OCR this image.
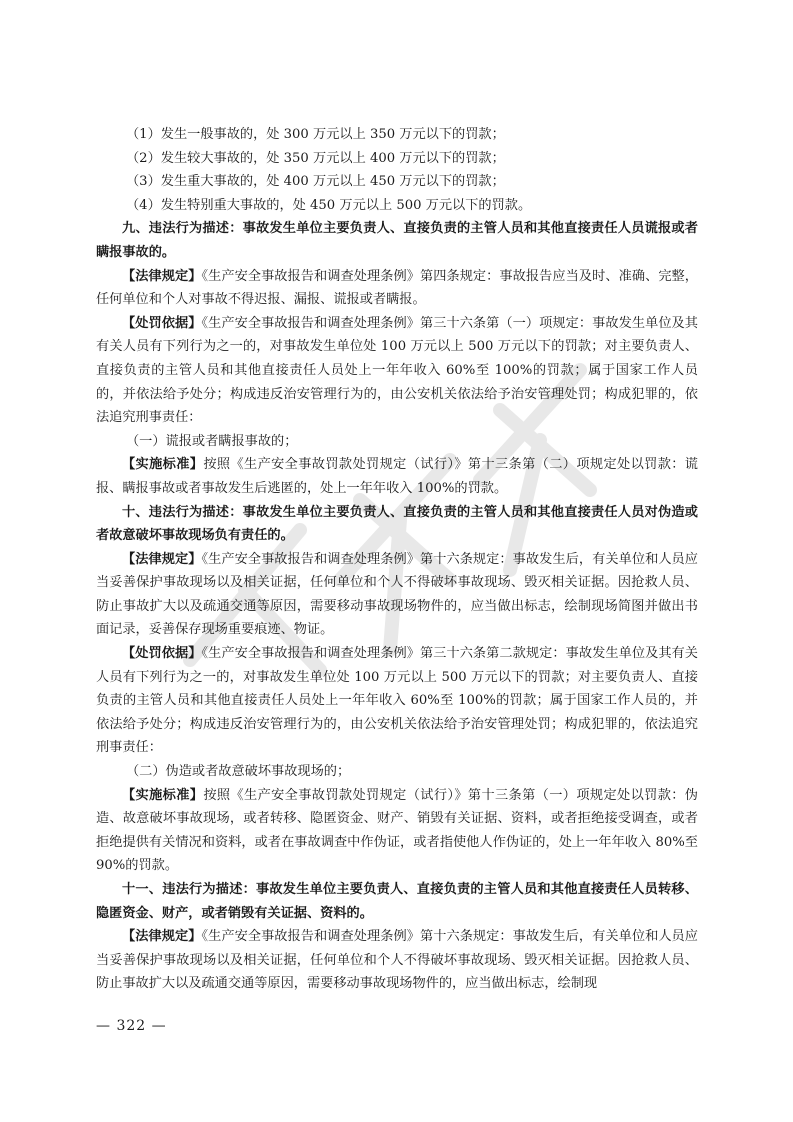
（1）发生一般事故的，处 300 万元以上 350 万元以下的罚款；

（2）发生较大事故的，处 350 万元以上 400 万元以下的罚款；

（3）发生重大事故的，处 400 万元以上 450 万元以下的罚款；

（4）发生特别重大事故的，处 450 万元以上 500 万元以下的罚款。

九、违法行为描述：事故发生单位主要负责人、直接负责的主管人员和其他直接责任人员谎报或者瞒报事故的。

【法律规定】《生产安全事故报告和调查处理条例》第四条规定：事故报告应当及时、准确、完整，任何单位和个人对事故不得迟报、漏报、谎报或者瞒报。

【处罚依据】《生产安全事故报告和调查处理条例》第三十六条第（一）项规定：事故发生单位及其有关人员有下列行为之一的，对事故发生单位处 100 万元以上 500 万元以下的罚款；对主要负责人、直接负责的主管人员和其他直接责任人员处上一年年收入 60%至 100%的罚款；属于国家工作人员的，并依法给予处分；构成违反治安管理行为的，由公安机关依法给予治安管理处罚；构成犯罪的，依法追究刑事责任：

（一）谎报或者瞒报事故的；

【实施标准】按照《生产安全事故罚款处罚规定（试行）》第十三条第（二）项规定处以罚款：谎报、瞒报事故或者事故发生后逃匿的，处上一年年收入 100%的罚款。

十、违法行为描述：事故发生单位主要负责人、直接负责的主管人员和其他直接责任人员对伪造或者故意破坏事故现场负有责任的。

【法律规定】《生产安全事故报告和调查处理条例》第十六条规定：事故发生后，有关单位和人员应当妥善保护事故现场以及相关证据，任何单位和个人不得破坏事故现场、毁灭相关证据。因抢救人员、防止事故扩大以及疏通交通等原因，需要移动事故现场物件的，应当做出标志，绘制现场简图并做出书面记录，妥善保存现场重要痕迹、物证。

【处罚依据】《生产安全事故报告和调查处理条例》第三十六条第二款规定：事故发生单位及其有关人员有下列行为之一的，对事故发生单位处 100 万元以上 500 万元以下的罚款；对主要负责人、直接负责的主管人员和其他直接责任人员处上一年年收入 60%至 100%的罚款；属于国家工作人员的，并依法给予处分；构成违反治安管理行为的，由公安机关依法给予治安管理处罚；构成犯罪的，依法追究刑事责任：

（二）伪造或者故意破坏事故现场的；

【实施标准】按照《生产安全事故罚款处罚规定（试行）》第十三条第（一）项规定处以罚款：伪造、故意破坏事故现场，或者转移、隐匿资金、财产、销毁有关证据、资料，或者拒绝接受调查，或者拒绝提供有关情况和资料，或者在事故调查中作伪证，或者指使他人作伪证的，处上一年年收入 80%至 90%的罚款。

十一、违法行为描述：事故发生单位主要负责人、直接负责的主管人员和其他直接责任人员转移、隐匿资金、财产，或者销毁有关证据、资料的。

【法律规定】《生产安全事故报告和调查处理条例》第十六条规定：事故发生后，有关单位和人员应当妥善保护事故现场以及相关证据，任何单位和个人不得破坏事故现场、毁灭相关证据。因抢救人员、防止事故扩大以及疏通交通等原因，需要移动事故现场物件的，应当做出标志，绘制现

— 322 —
